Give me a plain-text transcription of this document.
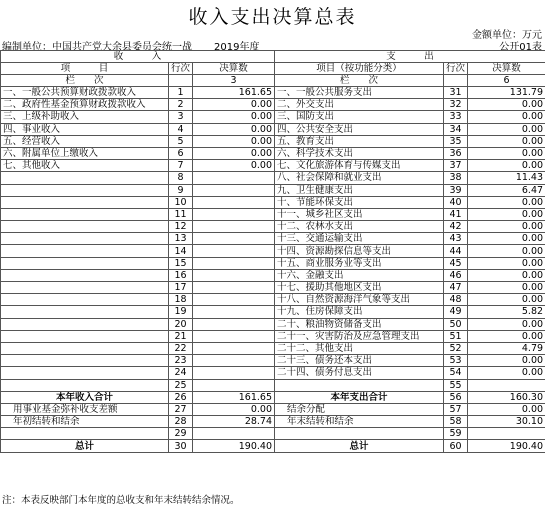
收入支出决算总表
金额单位：万元
编制单位：中国共产党大余县委员会统一战 2019年度	公开01表
收　　　入			支　　　出		
项　　　目	行次	决算数	项目（按功能分类）	行次	决算数
栏　　次		3	栏　　次		6
一、一般公共预算财政拨款收入	1	161.65	一、一般公共服务支出	31	131.79
二、政府性基金预算财政拨款收入	2	0.00	二、外交支出	32	0.00
三、上级补助收入	3	0.00	三、国防支出	33	0.00
四、事业收入	4	0.00	四、公共安全支出	34	0.00
五、经营收入	5	0.00	五、教育支出	35	0.00
六、附属单位上缴收入	6	0.00	六、科学技术支出	36	0.00
七、其他收入	7	0.00	七、文化旅游体育与传媒支出	37	0.00
	8		八、社会保障和就业支出	38	11.43
	9		九、卫生健康支出	39	6.47
	10		十、节能环保支出	40	0.00
	11		十一、城乡社区支出	41	0.00
	12		十二、农林水支出	42	0.00
	13		十三、交通运输支出	43	0.00
	14		十四、资源勘探信息等支出	44	0.00
	15		十五、商业服务业等支出	45	0.00
	16		十六、金融支出	46	0.00
	17		十七、援助其他地区支出	47	0.00
	18		十八、自然资源海洋气象等支出	48	0.00
	19		十九、住房保障支出	49	5.82
	20		二十、粮油物资储备支出	50	0.00
	21		二十一、灾害防治及应急管理支出	51	0.00
	22		二十二、其他支出	52	4.79
	23		二十三、债务还本支出	53	0.00
	24		二十四、债务付息支出	54	0.00
	25			55	
本年收入合计	26	161.65	本年支出合计	56	160.30
用事业基金弥补收支差额	27	0.00	结余分配	57	0.00
年初结转和结余	28	28.74	年末结转和结余	58	30.10
	29			59	
总计	30	190.40	总计	60	190.40
注：本表反映部门本年度的总收支和年末结转结余情况。
